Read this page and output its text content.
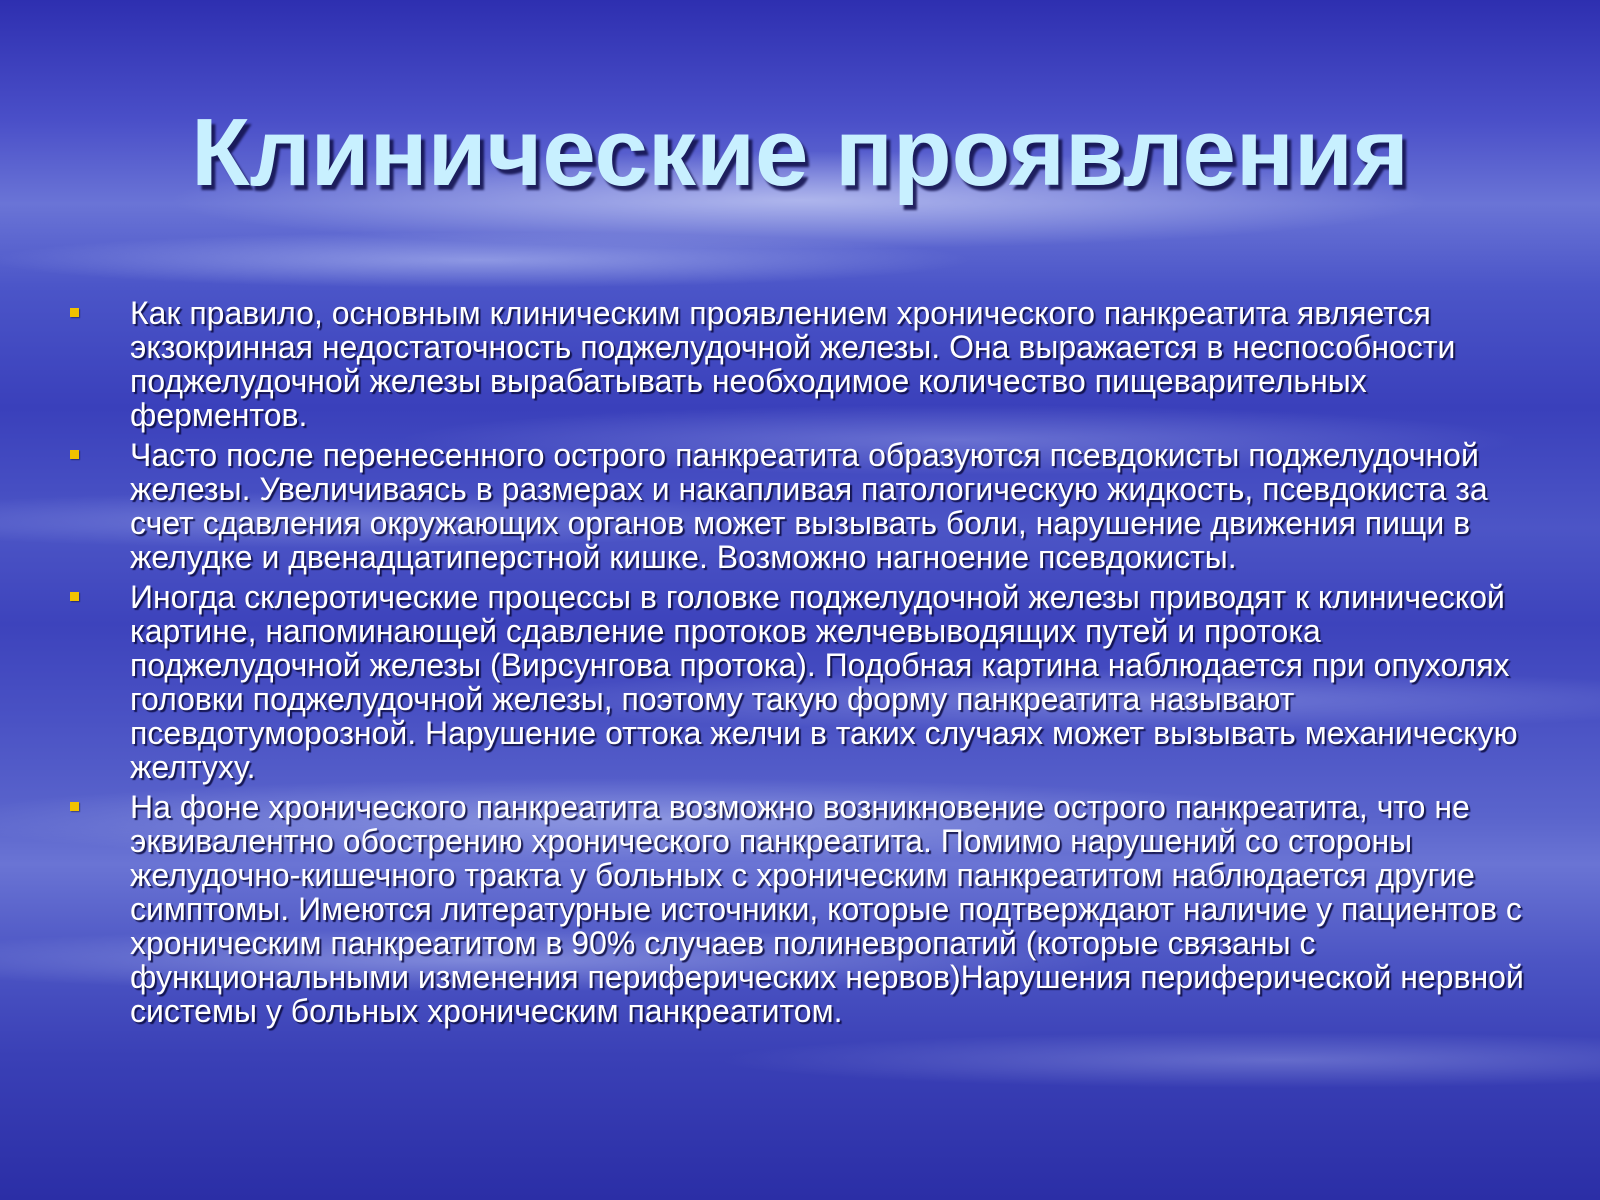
Клинические проявления
Как правило, основным клиническим проявлением хронического панкреатита является экзокринная недостаточность поджелудочной железы. Она выражается в неспособности поджелудочной железы вырабатывать необходимое количество пищеварительных ферментов.
Часто после перенесенного острого панкреатита образуются псевдокисты поджелудочной железы. Увеличиваясь в размерах и накапливая патологическую жидкость, псевдокиста за счет сдавления окружающих органов может вызывать боли, нарушение движения пищи в желудке и двенадцатиперстной кишке. Возможно нагноение псевдокисты.
Иногда склеротические процессы в головке поджелудочной железы приводят к клинической картине, напоминающей сдавление протоков желчевыводящих путей и протока поджелудочной железы (Вирсунгова протока). Подобная картина наблюдается при опухолях головки поджелудочной железы, поэтому такую форму панкреатита называют псевдотуморозной. Нарушение оттока желчи в таких случаях может вызывать механическую желтуху.
На фоне хронического панкреатита возможно возникновение острого панкреатита, что не эквивалентно обострению хронического панкреатита. Помимо нарушений со стороны желудочно-кишечного тракта у больных с хроническим панкреатитом наблюдается другие симптомы. Имеются литературные источники, которые подтверждают наличие у пациентов с хроническим панкреатитом в 90% случаев полиневропатий (которые связаны с функциональными изменения периферических нервов)Нарушения периферической нервной системы у больных хроническим панкреатитом.
